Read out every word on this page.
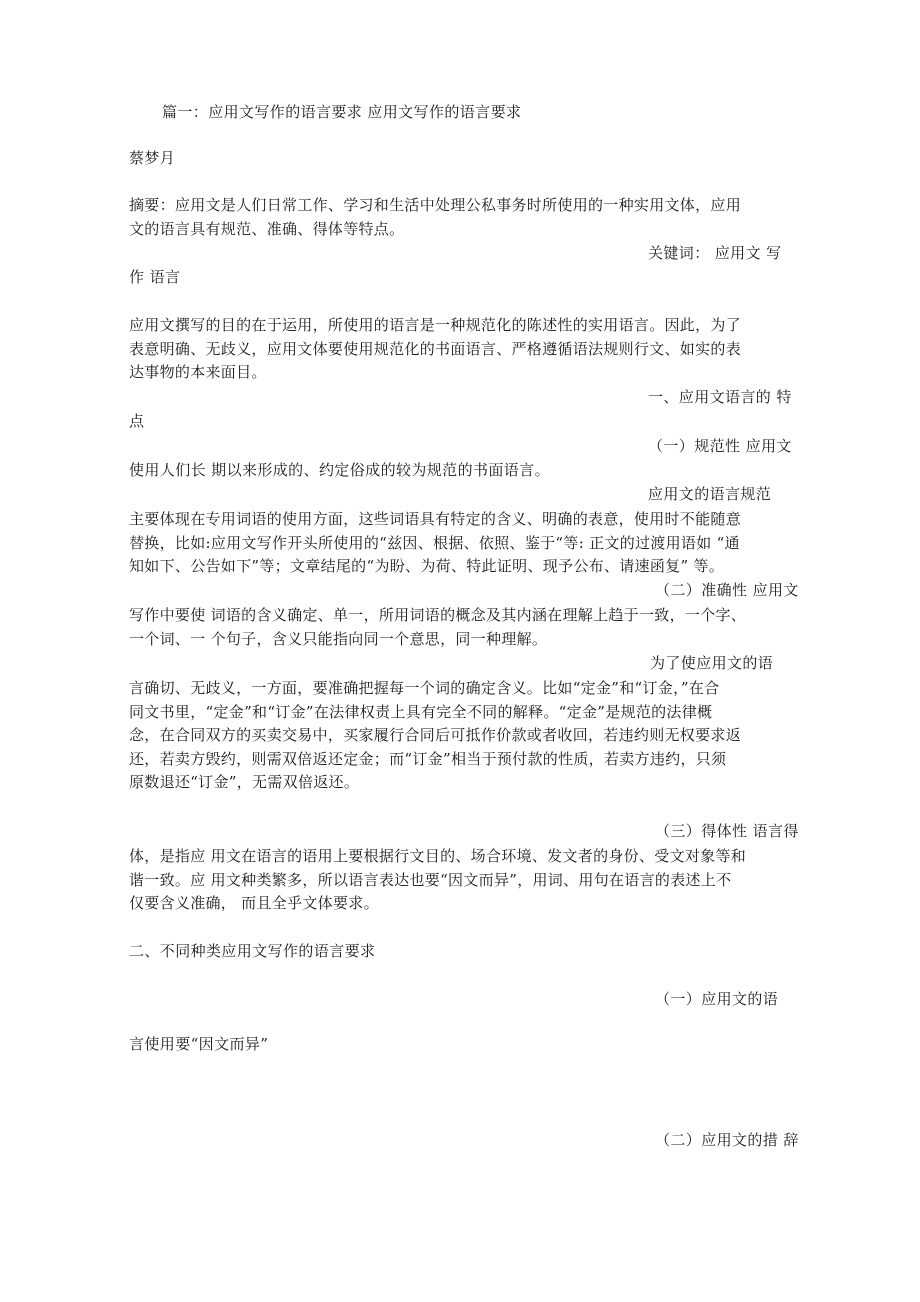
篇一：应用文写作的语言要求 应用文写作的语言要求
蔡梦月
摘要：应用文是人们日常工作、学习和生活中处理公私事务时所使用的一种实用文体，应用
文的语言具有规范、准确、得体等特点。
关键词： 应用文 写
作 语言
应用文撰写的目的在于运用，所使用的语言是一种规范化的陈述性的实用语言。因此，为了
表意明确、无歧义，应用文体要使用规范化的书面语言、严格遵循语法规则行文、如实的表
达事物的本来面目。
一、应用文语言的 特
点
（一）规范性 应用文
使用人们长 期以来形成的、约定俗成的较为规范的书面语言。
应用文的语言规范
主要体现在专用词语的使用方面，这些词语具有特定的含义、明确的表意，使用时不能随意
替换，比如:应用文写作开头所使用的“兹因、根据、依照、鉴于“等: 正文的过渡用语如 “通
知如下、公告如下”等；文章结尾的“为盼、为荷、特此证明、现予公布、请速函复” 等。
（二）准确性 应用文
写作中要使 词语的含义确定、单一，所用词语的概念及其内涵在理解上趋于一致，一个字、
一个词、一 个句子，含义只能指向同一个意思，同一种理解。
为了使应用文的语
言确切、无歧义，一方面，要准确把握每一个词的确定含义。比如“定金”和“订金，”在合
同文书里，“定金”和“订金”在法律权责上具有完全不同的解释。“定金”是规范的法律概
念，在合同双方的买卖交易中，买家履行合同后可抵作价款或者收回，若违约则无权要求返
还，若卖方毁约，则需双倍返还定金；而“订金”相当于预付款的性质，若卖方违约，只须
原数退还“订金”，无需双倍返还。
（三）得体性 语言得
体，是指应 用文在语言的语用上要根据行文目的、场合环境、发文者的身份、受文对象等和
谐一致。应 用文种类繁多，所以语言表达也要“因文而异”，用词、用句在语言的表述上不
仅要含义准确， 而且全乎文体要求。
二、不同种类应用文写作的语言要求
（一）应用文的语
言使用要“因文而异”
（二）应用文的措 辞
